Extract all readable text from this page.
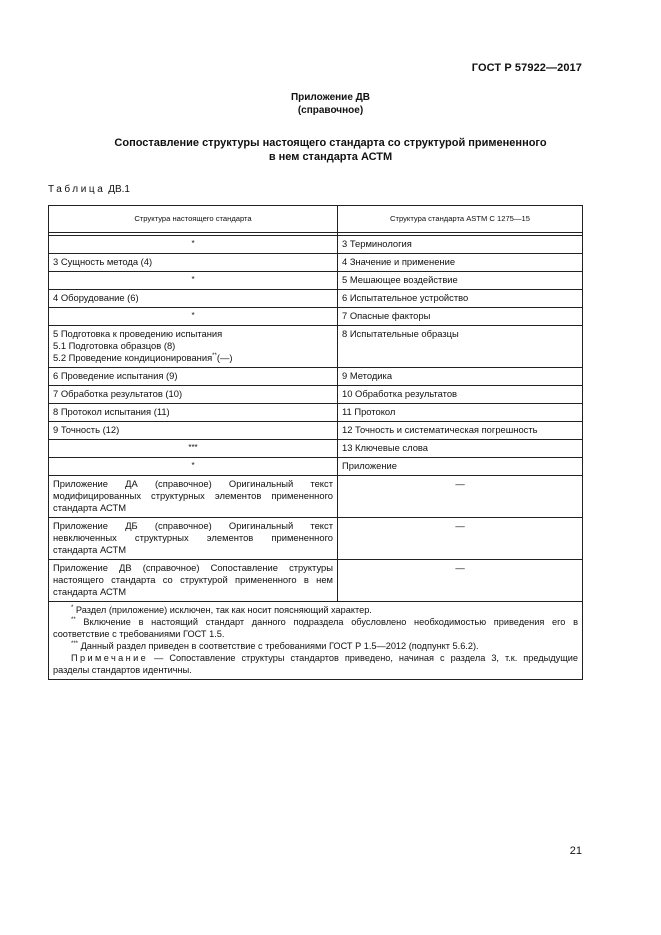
ГОСТ Р 57922—2017
Приложение ДВ
(справочное)
Сопоставление структуры настоящего стандарта со структурой примененного
в нем стандарта АСТМ
Таблица ДВ.1
Структура настоящего стандарта	Структура стандарта ASTM C 1275—15

*	3 Терминология
3 Сущность метода (4)	4 Значение и применение
*	5 Мешающее воздействие
4 Оборудование (6)	6 Испытательное устройство
*	7 Опасные факторы

5 Подготовка к проведению испытания
5.1 Подготовка образцов (8)
5.2 Проведение кондиционирования**(—)	8 Испытательные образцы
6 Проведение испытания (9)	9 Методика
7 Обработка результатов (10)	10 Обработка результатов
8 Протокол испытания (11)	11 Протокол
9 Точность (12)	12 Точность и систематическая погрешность
***	13 Ключевые слова
*	Приложение
Приложение ДА (справочное) Оригинальный текст модифицированных структурных элементов примененного стандарта АСТМ	—
Приложение ДБ (справочное) Оригинальный текст невключенных структурных элементов примененного стандарта АСТМ	—
Приложение ДВ (справочное) Сопоставление структуры настоящего стандарта со структурой примененного в нем стандарта АСТМ	—

* Раздел (приложение) исключен, так как носит поясняющий характер.
** Включение в настоящий стандарт данного подраздела обусловлено необходимостью приведения его в соответствие с требованиями ГОСТ 1.5.
*** Данный раздел приведен в соответствие с требованиями ГОСТ Р 1.5—2012 (подпункт 5.6.2).
Примечание — Сопоставление структуры стандартов приведено, начиная с раздела 3, т.к. предыдущие разделы стандартов идентичны.	
21
